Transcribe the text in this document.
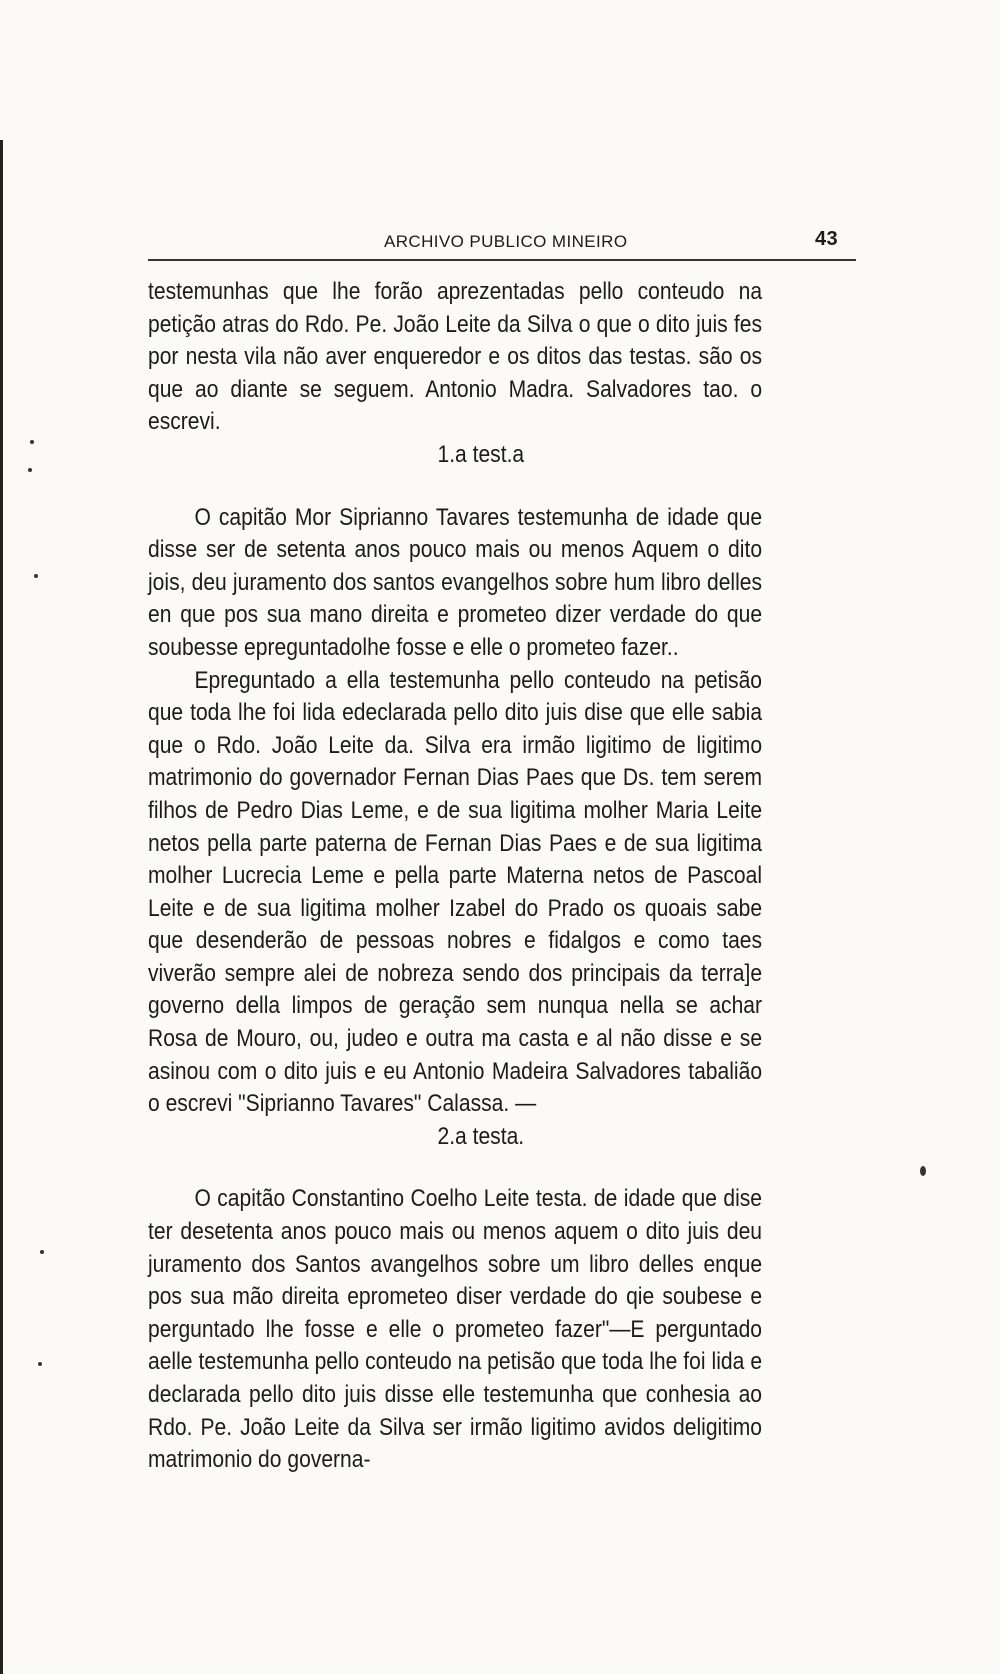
ARCHIVO PUBLICO MINEIRO	43

testemunhas que lhe forão aprezentadas pello conteudo na petição atras do Rdo. Pe. João Leite da Silva o que o dito juis fes por nesta vila não aver enqueredor e os ditos das testas. são os que ao diante se seguem. Antonio Madra. Salvadores tao. o escrevi.

1.a test.a

O capitão Mor Siprianno Tavares testemunha de idade que disse ser de setenta anos pouco mais ou menos Aquem o dito jois, deu juramento dos santos evangelhos sobre hum libro delles en que pos sua mano direita e prometeo dizer verdade do que soubesse epreguntadolhe fosse e elle o prometeo fazer..

Epreguntado a ella testemunha pello conteudo na petisão que toda lhe foi lida edeclarada pello dito juis dise que elle sabia que o Rdo. João Leite da. Silva era irmão ligitimo de ligitimo matrimonio do governador Fernan Dias Paes que Ds. tem serem filhos de Pedro Dias Leme, e de sua ligitima molher Maria Leite netos pella parte paterna de Fernan Dias Paes e de sua ligitima molher Lucrecia Leme e pella parte Materna netos de Pascoal Leite e de sua ligitima molher Izabel do Prado os quoais sabe que desenderão de pessoas nobres e fidalgos e como taes viverão sempre alei de nobreza sendo dos principais da terra]e governo della limpos de geração sem nunqua nella se achar Rosa de Mouro, ou, judeo e outra ma casta e al não disse e se asinou com o dito juis e eu Antonio Madeira Salvadores tabalião o escrevi "Siprianno Tavares" Calassa. —

2.a testa.

O capitão Constantino Coelho Leite testa. de idade que dise ter desetenta anos pouco mais ou menos aquem o dito juis deu juramento dos Santos avangelhos sobre um libro delles enque pos sua mão direita eprometeo diser verdade do qie soubese e perguntado lhe fosse e elle o prometeo fazer"—E perguntado aelle testemunha pello conteudo na petisão que toda lhe foi lida e declarada pello dito juis disse elle testemunha que conhesia ao Rdo. Pe. João Leite da Silva ser irmão ligitimo avidos deligitimo matrimonio do governa-
